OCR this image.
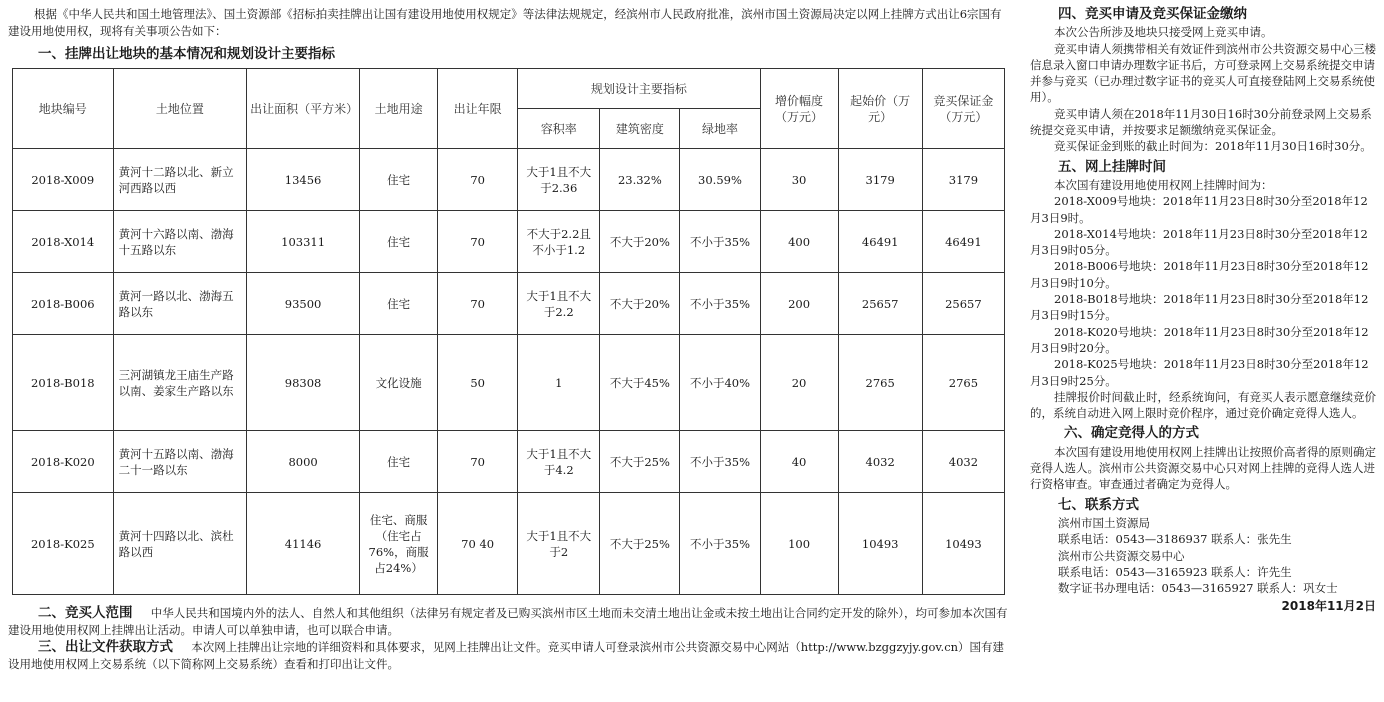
根据《中华人民共和国土地管理法》、国土资源部《招标拍卖挂牌出让国有建设用地使用权规定》等法律法规规定，经滨州市人民政府批准，滨州市国土资源局决定以网上挂牌方式出让6宗国有建设用地使用权，现将有关事项公告如下：

一、挂牌出让地块的基本情况和规划设计主要指标
地块编号	土地位置	出让面积（平方米）	土地用途	出让年限	规划设计主要指标			增价幅度（万元）	起始价（万元）	竞买保证金（万元）
					容积率	建筑密度	绿地率			
2018-X009	黄河十二路以北、新立河西路以西	13456	住宅	70	大于1且不大于2.36	23.32%	30.59%	30	3179	3179
2018-X014	黄河十六路以南、渤海十五路以东	103311	住宅	70	不大于2.2且不小于1.2	不大于20%	不小于35%	400	46491	46491
2018-B006	黄河一路以北、渤海五路以东	93500	住宅	70	大于1且不大于2.2	不大于20%	不小于35%	200	25657	25657
2018-B018	三河湖镇龙王庙生产路以南、姜家生产路以东	98308	文化设施	50	1	不大于45%	不小于40%	20	2765	2765
2018-K020	黄河十五路以南、渤海二十一路以东	8000	住宅	70	大于1且不大于4.2	不大于25%	不小于35%	40	4032	4032
2018-K025	黄河十四路以北、滨杜路以西	41146	住宅、商服（住宅占76%，商服占24%）	70 40	大于1且不大于2	不大于25%	不小于35%	100	10493	10493

二、竞买人范围 中华人民共和国境内外的法人、自然人和其他组织（法律另有规定者及已购买滨州市区土地而未交清土地出让金或未按土地出让合同约定开发的除外），均可参加本次国有建设用地使用权网上挂牌出让活动。申请人可以单独申请，也可以联合申请。

三、出让文件获取方式 本次网上挂牌出让宗地的详细资料和具体要求，见网上挂牌出让文件。竞买申请人可登录滨州市公共资源交易中心网站（http://www.bzggzyjy.gov.cn）国有建设用地使用权网上交易系统（以下简称网上交易系统）查看和打印出让文件。

四、竞买申请及竞买保证金缴纳

本次公告所涉及地块只接受网上竞买申请。

竞买申请人须携带相关有效证件到滨州市公共资源交易中心三楼信息录入窗口申请办理数字证书后，方可登录网上交易系统提交申请并参与竞买（已办理过数字证书的竞买人可直接登陆网上交易系统使用）。

竞买申请人须在2018年11月30日16时30分前登录网上交易系统提交竞买申请，并按要求足额缴纳竞买保证金。

竞买保证金到账的截止时间为：2018年11月30日16时30分。

五、网上挂牌时间

本次国有建设用地使用权网上挂牌时间为：

2018-X009号地块：2018年11月23日8时30分至2018年12月3日9时。

2018-X014号地块：2018年11月23日8时30分至2018年12月3日9时05分。

2018-B006号地块：2018年11月23日8时30分至2018年12月3日9时10分。

2018-B018号地块：2018年11月23日8时30分至2018年12月3日9时15分。

2018-K020号地块：2018年11月23日8时30分至2018年12月3日9时20分。

2018-K025号地块：2018年11月23日8时30分至2018年12月3日9时25分。

挂牌报价时间截止时，经系统询问，有竞买人表示愿意继续竞价的，系统自动进入网上限时竞价程序，通过竞价确定竞得人选人。

六、确定竞得人的方式

本次国有建设用地使用权网上挂牌出让按照价高者得的原则确定竞得人选人。滨州市公共资源交易中心只对网上挂牌的竞得人选人进行资格审查。审查通过者确定为竞得人。

七、联系方式

滨州市国土资源局

联系电话：0543—3186937 联系人：张先生

滨州市公共资源交易中心

联系电话：0543—3165923 联系人：许先生

数字证书办理电话：0543—3165927 联系人：巩女士

2018年11月2日
